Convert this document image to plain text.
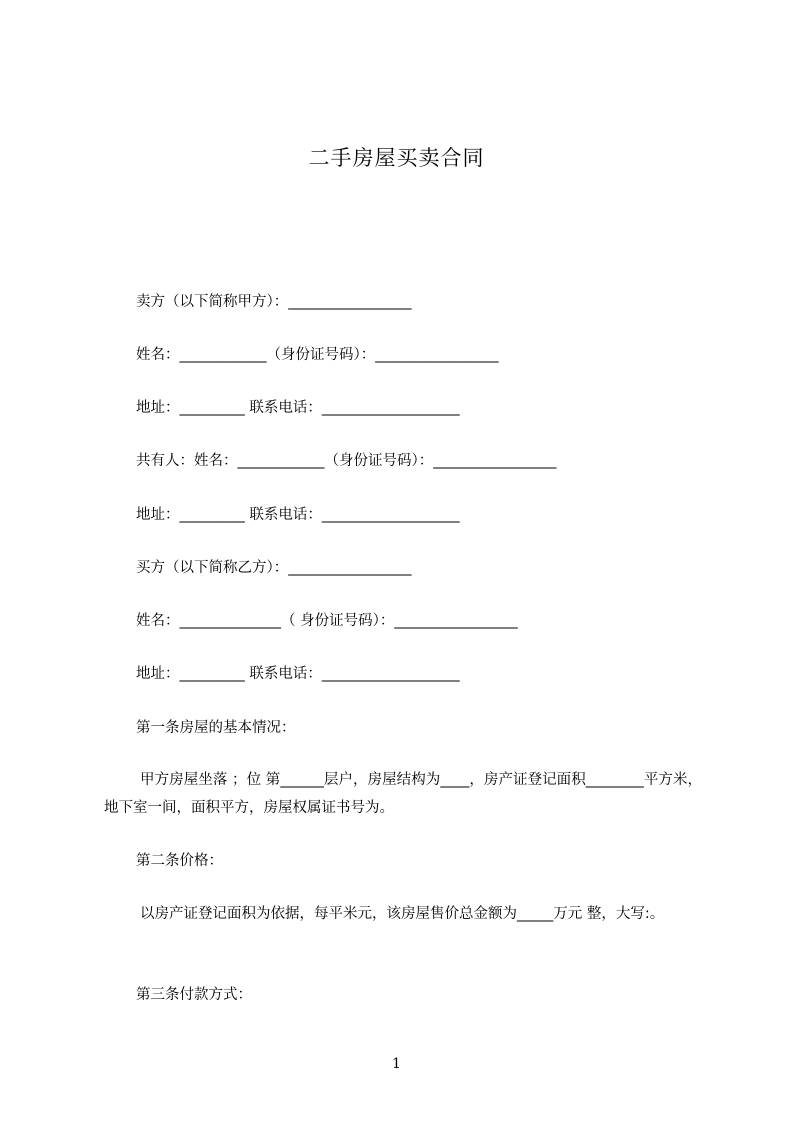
二手房屋买卖合同
卖方（以下简称甲方）：_________________
姓名：____________（身份证号码）：_________________
地址：_________ 联系电话：___________________
共有人：姓名：____________（身份证号码）：_________________
地址：_________ 联系电话：___________________
买方（以下简称乙方）：_________________
姓名：______________（ 身份证号码）：_________________
地址：_________ 联系电话：___________________
第一条房屋的基本情况：
甲方房屋坐落 ；位 第______层户，房屋结构为____，房产证登记面积________平方米，地下室一间，面积平方，房屋权属证书号为。
第二条价格：
以房产证登记面积为依据，每平米元，该房屋售价总金额为_____万元 整，大写:。
第三条付款方式：
1
